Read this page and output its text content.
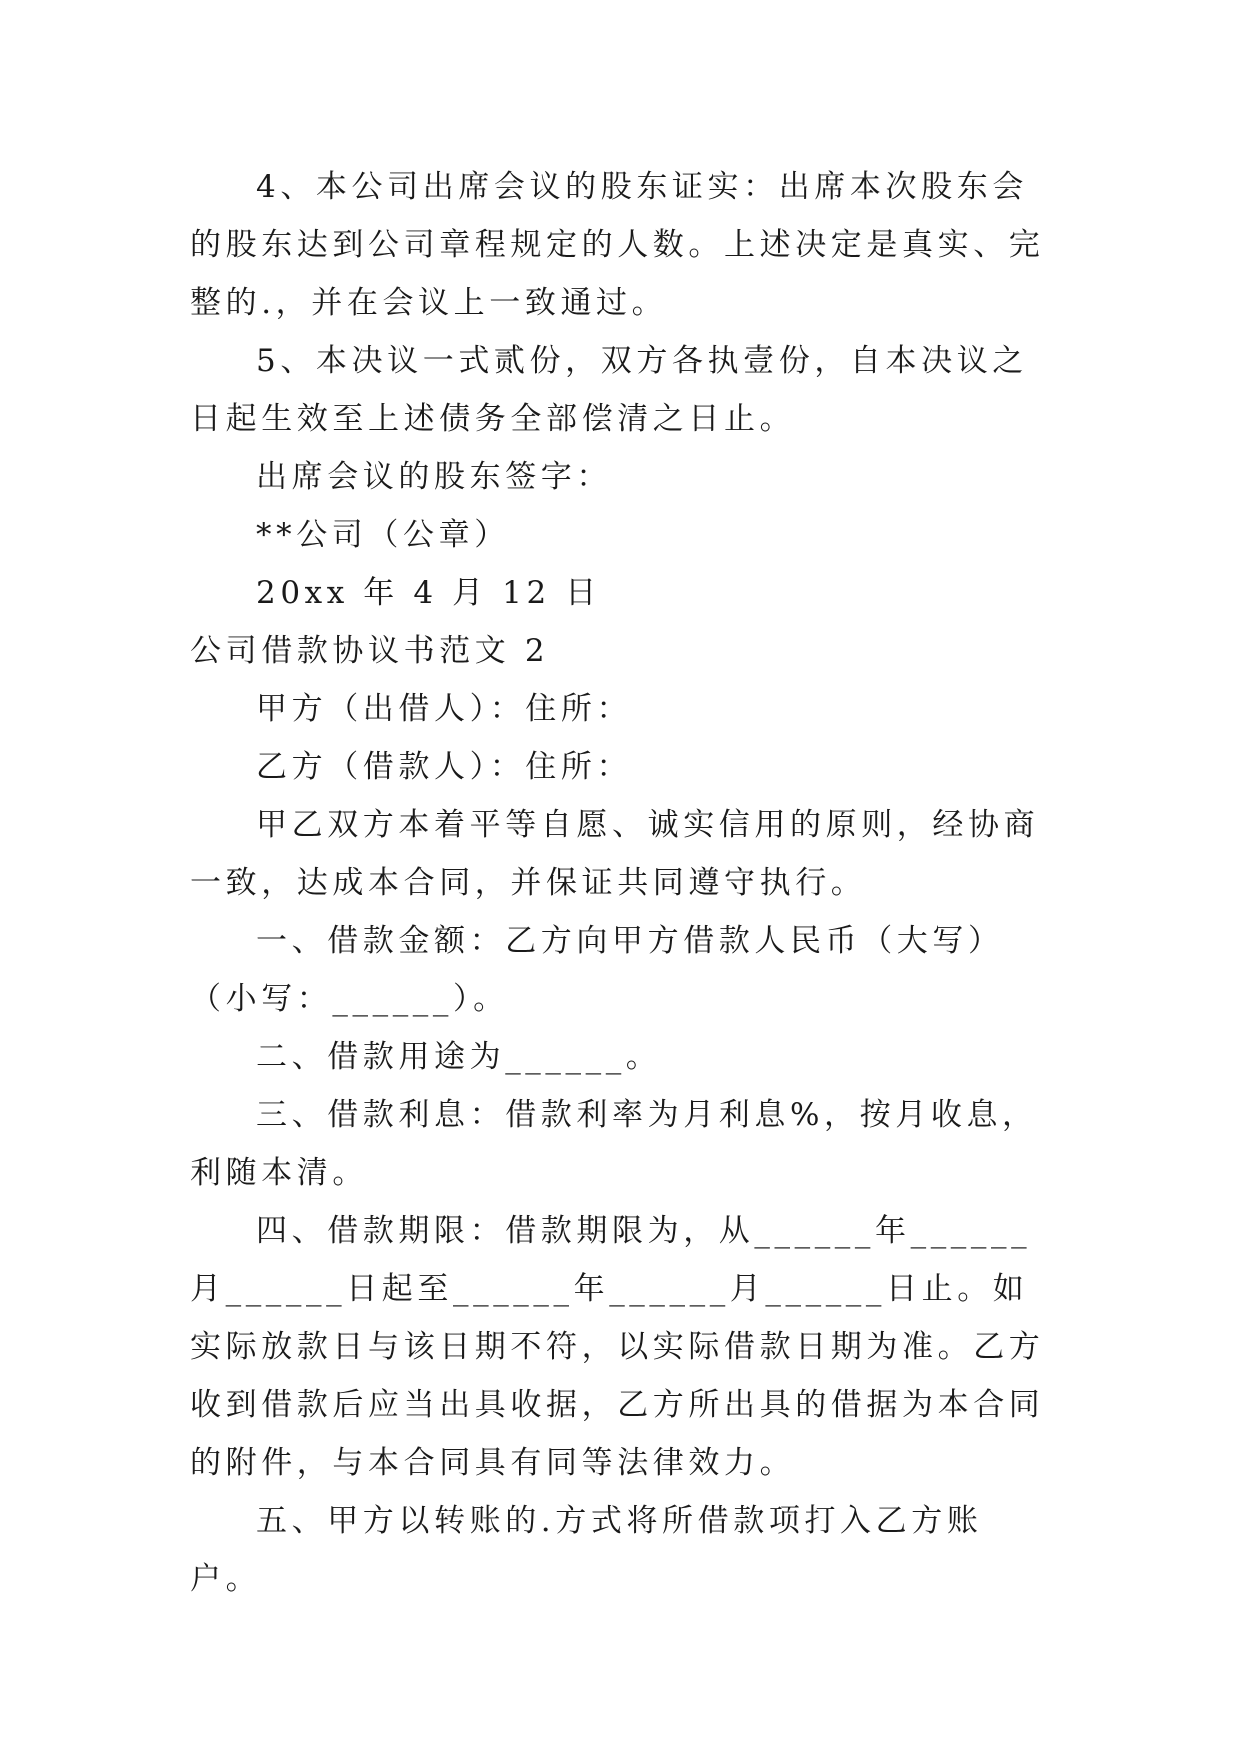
4、本公司出席会议的股东证实：出席本次股东会的股东达到公司章程规定的人数。上述决定是真实、完整的.，并在会议上一致通过。

5、本决议一式贰份，双方各执壹份，自本决议之日起生效至上述债务全部偿清之日止。

出席会议的股东签字：

**公司（公章）

20xx 年 4 月 12 日

公司借款协议书范文 2

甲方（出借人）：住所：

乙方（借款人）：住所：

甲乙双方本着平等自愿、诚实信用的原则，经协商一致，达成本合同，并保证共同遵守执行。

一、借款金额：乙方向甲方借款人民币（大写）（小写：______）。

二、借款用途为______。

三、借款利息：借款利率为月利息%，按月收息，利随本清。

四、借款期限：借款期限为，从______年______月______日起至______年______月______日止。如实际放款日与该日期不符，以实际借款日期为准。乙方收到借款后应当出具收据，乙方所出具的借据为本合同的附件，与本合同具有同等法律效力。

五、甲方以转账的.方式将所借款项打入乙方账户。
